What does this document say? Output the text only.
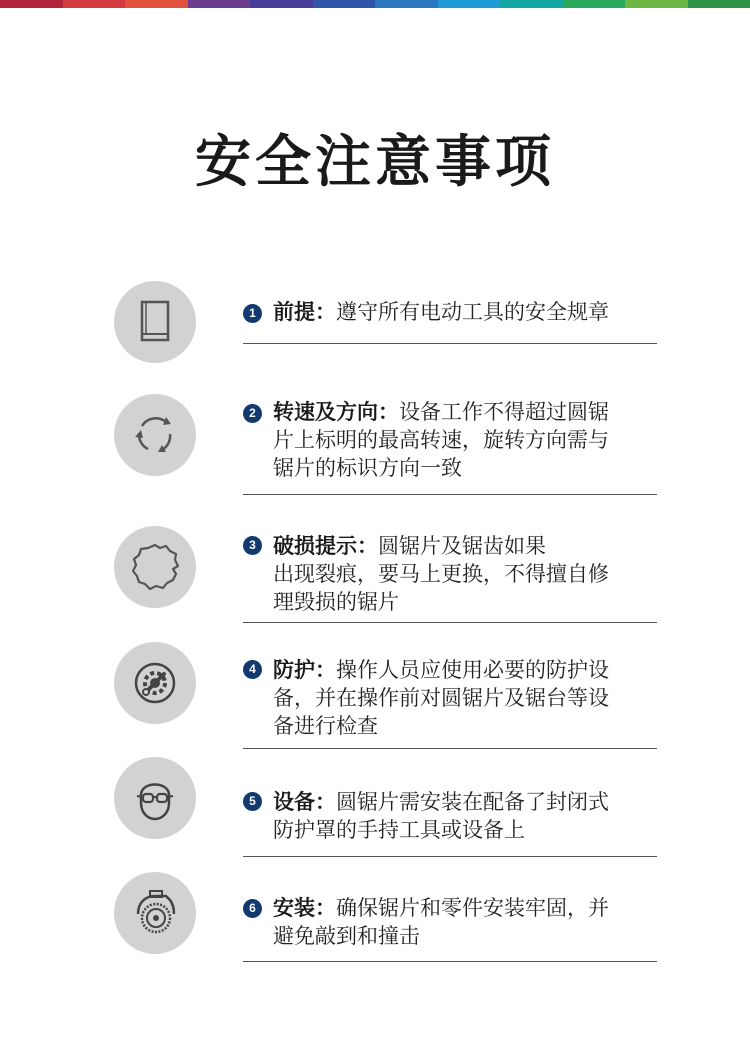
安全注意事项
1 前提：遵守所有电动工具的安全规章
2 转速及方向：设备工作不得超过圆锯
片上标明的最高转速，旋转方向需与
锯片的标识方向一致
3 破损提示：圆锯片及锯齿如果
出现裂痕，要马上更换，不得擅自修
理毁损的锯片
4 防护：操作人员应使用必要的防护设
备，并在操作前对圆锯片及锯台等设
备进行检查
5 设备：圆锯片需安装在配备了封闭式
防护罩的手持工具或设备上
6 安装：确保锯片和零件安装牢固，并
避免敲到和撞击
